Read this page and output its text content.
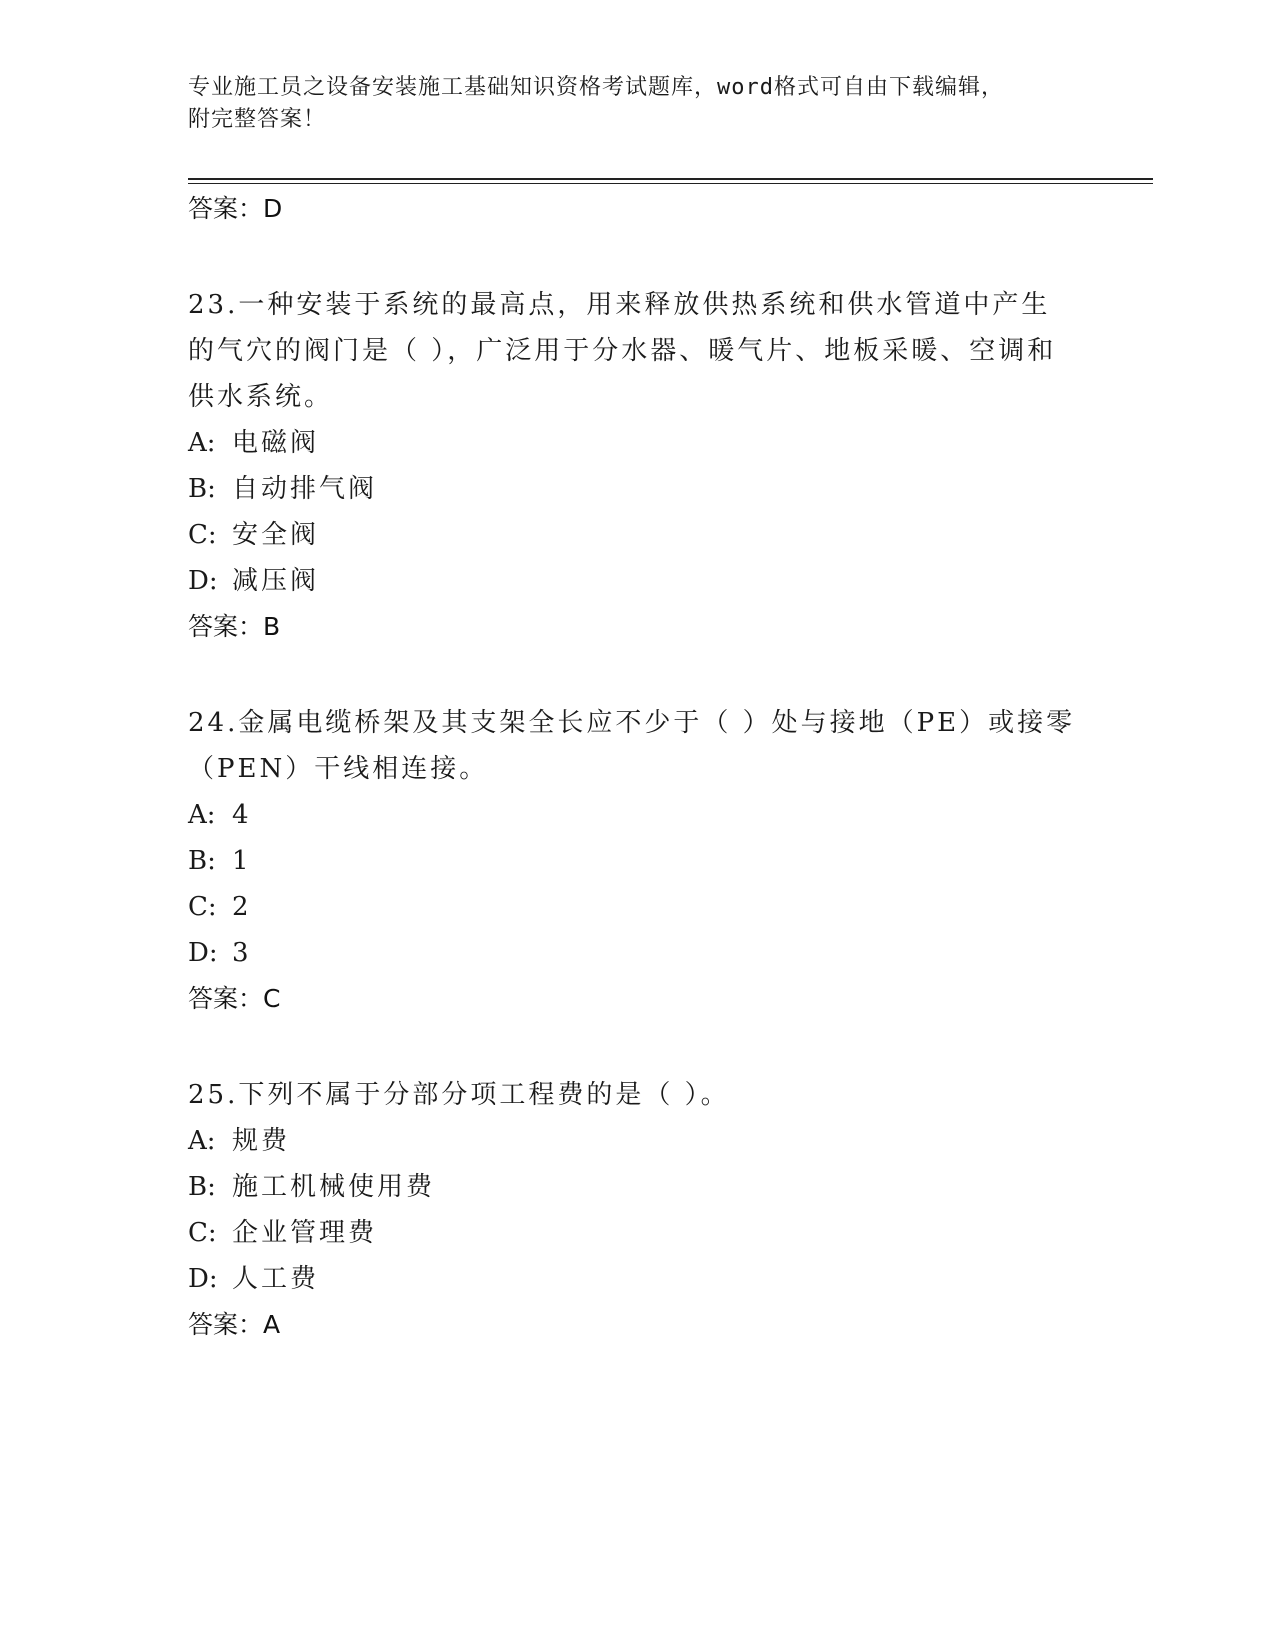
专业施工员之设备安装施工基础知识资格考试题库，word格式可自由下载编辑，
附完整答案！

答案：D

23.一种安装于系统的最高点，用来释放供热系统和供水管道中产生的气穴的阀门是（ ），广泛用于分水器、暖气片、地板采暖、空调和供水系统。

A: 电磁阀

B: 自动排气阀

C: 安全阀

D: 减压阀

答案：B

24.金属电缆桥架及其支架全长应不少于（ ）处与接地（PE）或接零（PEN）干线相连接。

A: 4

B: 1

C: 2

D: 3

答案：C

25.下列不属于分部分项工程费的是（ ）。

A: 规费

B: 施工机械使用费

C: 企业管理费

D: 人工费

答案：A
